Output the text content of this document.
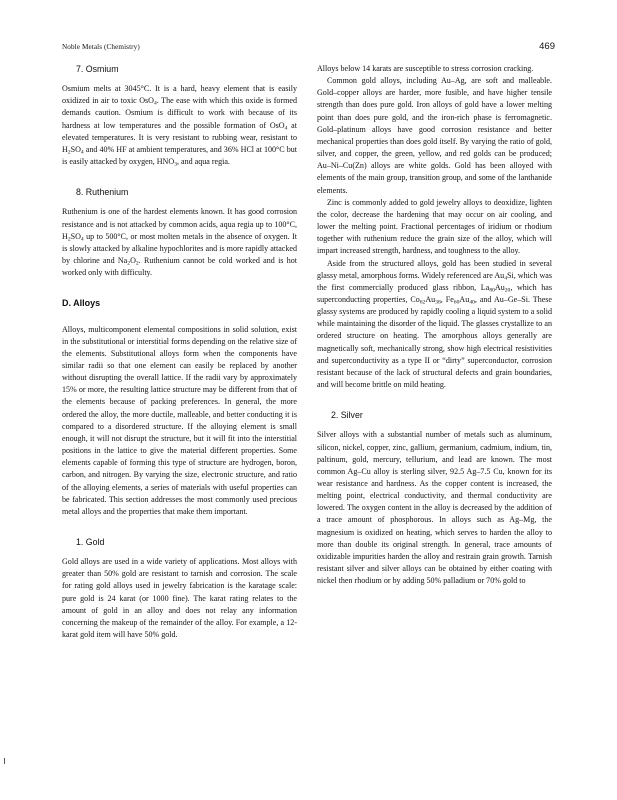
Noble Metals (Chemistry)	469
7. Osmium

Osmium melts at 3045°C. It is a hard, heavy element that is easily oxidized in air to toxic OsO$_4$. The ease with which this oxide is formed demands caution. Osmium is difficult to work with because of its hardness at low temperatures and the possible formation of OsO$_4$ at elevated temperatures. It is very resistant to rubbing wear, resistant to $H_2SO_4$ and 40% HF at ambient temperatures, and 36% HCl at 100°C but is easily attacked by oxygen, $HNO_3$, and aqua regia.

8. Ruthenium

Ruthenium is one of the hardest elements known. It has good corrosion resistance and is not attacked by common acids, aqua regia up to 100°C, $H_2SO_4$ up to 500°C, or most molten metals in the absence of oxygen. It is slowly attacked by alkaline hypochlorites and is more rapidly attacked by chlorine and $Na_2O_2$. Ruthenium cannot be cold worked and is hot worked only with difficulty.

D. Alloys

Alloys, multicomponent elemental compositions in solid solution, exist in the substitutional or interstitial forms depending on the relative size of the elements. Substitutional alloys form when the components have similar radii so that one element can easily be replaced by another without disrupting the overall lattice. If the radii vary by approximately 15% or more, the resulting lattice structure may be different from that of the elements because of packing preferences. In general, the more ordered the alloy, the more ductile, malleable, and better conducting it is compared to a disordered structure. If the alloying element is small enough, it will not disrupt the structure, but it will fit into the interstitial positions in the lattice to give the material different properties. Some elements capable of forming this type of structure are hydrogen, boron, carbon, and nitrogen. By varying the size, electronic structure, and ratio of the alloying elements, a series of materials with useful properties can be fabricated. This section addresses the most commonly used precious metal alloys and the properties that make them important.

1. Gold

Gold alloys are used in a wide variety of applications. Most alloys with greater than 50% gold are resistant to tarnish and corrosion. The scale for rating gold alloys used in jewelry fabrication is the karatage scale: pure gold is 24 karat (or 1000 fine). The karat rating relates to the amount of gold in an alloy and does not relay any information concerning the makeup of the remainder of the alloy. For example, a 12-karat gold item will have 50% gold.

Alloys below 14 karats are susceptible to stress corrosion cracking.

Common gold alloys, including Au–Ag, are soft and malleable. Gold–copper alloys are harder, more fusible, and have higher tensile strength than does pure gold. Iron alloys of gold have a lower melting point than does pure gold, and the iron-rich phase is ferromagnetic. Gold–platinum alloys have good corrosion resistance and better mechanical properties than does gold itself. By varying the ratio of gold, silver, and copper, the green, yellow, and red golds can be produced; Au–Ni–Cu(Zn) alloys are white golds. Gold has been alloyed with elements of the main group, transition group, and some of the lanthanide elements.

Zinc is commonly added to gold jewelry alloys to deoxidize, lighten the color, decrease the hardening that may occur on air cooling, and lower the melting point. Fractional percentages of iridium or rhodium together with ruthenium reduce the grain size of the alloy, which will impart increased strength, hardness, and toughness to the alloy.

Aside from the structured alloys, gold has been studied in several glassy metal, amorphous forms. Widely referenced are $Au_4Si$, which was the first commercially produced glass ribbon, $La_{80}Au_{20}$, which has superconducting properties, $Co_{62}Au_{38}$, $Fe_{60}Au_{40}$, and Au–Ge–Si. These glassy systems are produced by rapidly cooling a liquid system to a solid while maintaining the disorder of the liquid. The glasses crystallize to an ordered structure on heating. The amorphous alloys generally are magnetically soft, mechanically strong, show high electrical resistivities and superconductivity as a type II or “dirty” superconductor, corrosion resistant because of the lack of structural defects and grain boundaries, and will become brittle on mild heating.

2. Silver

Silver alloys with a substantial number of metals such as aluminum, silicon, nickel, copper, zinc, gallium, germanium, cadmium, indium, tin, paltinum, gold, mercury, tellurium, and lead are known. The most common Ag–Cu alloy is sterling silver, 92.5 Ag–7.5 Cu, known for its wear resistance and hardness. As the copper content is increased, the melting point, electrical conductivity, and thermal conductivity are lowered. The oxygen content in the alloy is decreased by the addition of a trace amount of phosphorous. In alloys such as Ag–Mg, the magnesium is oxidized on heating, which serves to harden the alloy to more than double its original strength. In general, trace amounts of oxidizable impurities harden the alloy and restrain grain growth. Tarnish resistant silver and silver alloys can be obtained by either coating with nickel then rhodium or by adding 50% palladium or 70% gold to
